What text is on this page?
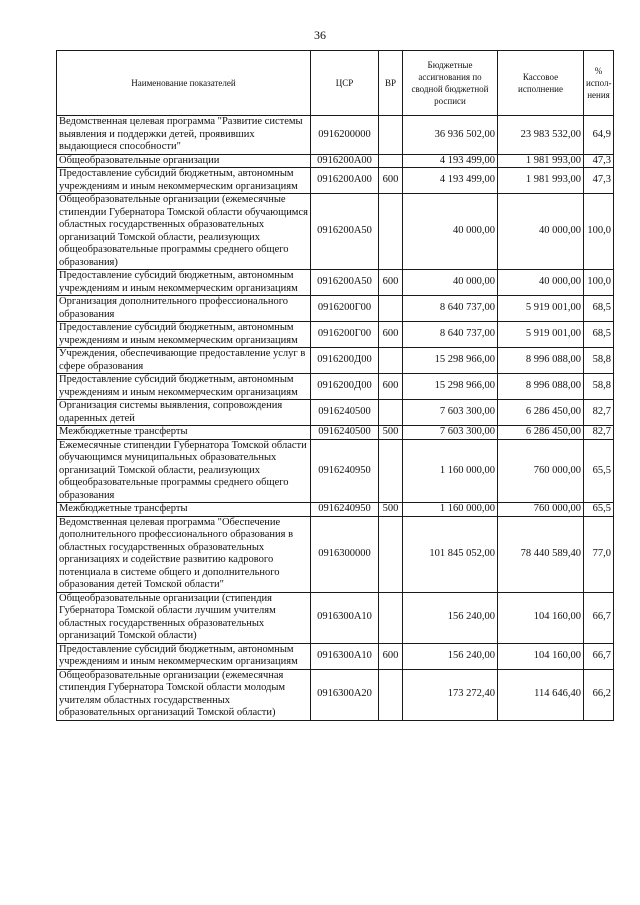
36
Наименование показателей	ЦСР	ВР	Бюджетные ассигнования по сводной бюджетной росписи	Кассовое исполнение	% испол-нения
Ведомственная целевая программа "Развитие системы выявления и поддержки детей, проявивших выдающиеся способности"	0916200000		36 936 502,00	23 983 532,00	64,9
Общеобразовательные организации	0916200А00		4 193 499,00	1 981 993,00	47,3
Предоставление субсидий бюджетным, автономным учреждениям и иным некоммерческим организациям	0916200А00	600	4 193 499,00	1 981 993,00	47,3
Общеобразовательные организации (ежемесячные стипендии Губернатора Томской области обучающимся областных государственных образовательных организаций Томской области, реализующих общеобразовательные программы среднего общего образования)	0916200А50		40 000,00	40 000,00	100,0
Предоставление субсидий бюджетным, автономным учреждениям и иным некоммерческим организациям	0916200А50	600	40 000,00	40 000,00	100,0
Организация дополнительного профессионального образования	0916200Г00		8 640 737,00	5 919 001,00	68,5
Предоставление субсидий бюджетным, автономным учреждениям и иным некоммерческим организациям	0916200Г00	600	8 640 737,00	5 919 001,00	68,5
Учреждения, обеспечивающие предоставление услуг в сфере образования	0916200Д00		15 298 966,00	8 996 088,00	58,8
Предоставление субсидий бюджетным, автономным учреждениям и иным некоммерческим организациям	0916200Д00	600	15 298 966,00	8 996 088,00	58,8
Организация системы выявления, сопровождения одаренных детей	0916240500		7 603 300,00	6 286 450,00	82,7
Межбюджетные трансферты	0916240500	500	7 603 300,00	6 286 450,00	82,7
Ежемесячные стипендии Губернатора Томской области обучающимся муниципальных образовательных организаций Томской области, реализующих общеобразовательные программы среднего общего образования	0916240950		1 160 000,00	760 000,00	65,5
Межбюджетные трансферты	0916240950	500	1 160 000,00	760 000,00	65,5
Ведомственная целевая программа "Обеспечение дополнительного профессионального образования в областных государственных образовательных организациях и содействие развитию кадрового потенциала в системе общего и дополнительного образования детей Томской области"	0916300000		101 845 052,00	78 440 589,40	77,0
Общеобразовательные организации (стипендия Губернатора Томской области лучшим учителям областных государственных образовательных организаций Томской области)	0916300А10		156 240,00	104 160,00	66,7
Предоставление субсидий бюджетным, автономным учреждениям и иным некоммерческим организациям	0916300А10	600	156 240,00	104 160,00	66,7
Общеобразовательные организации (ежемесячная стипендия Губернатора Томской области молодым учителям областных государственных образовательных организаций Томской области)	0916300А20		173 272,40	114 646,40	66,2
